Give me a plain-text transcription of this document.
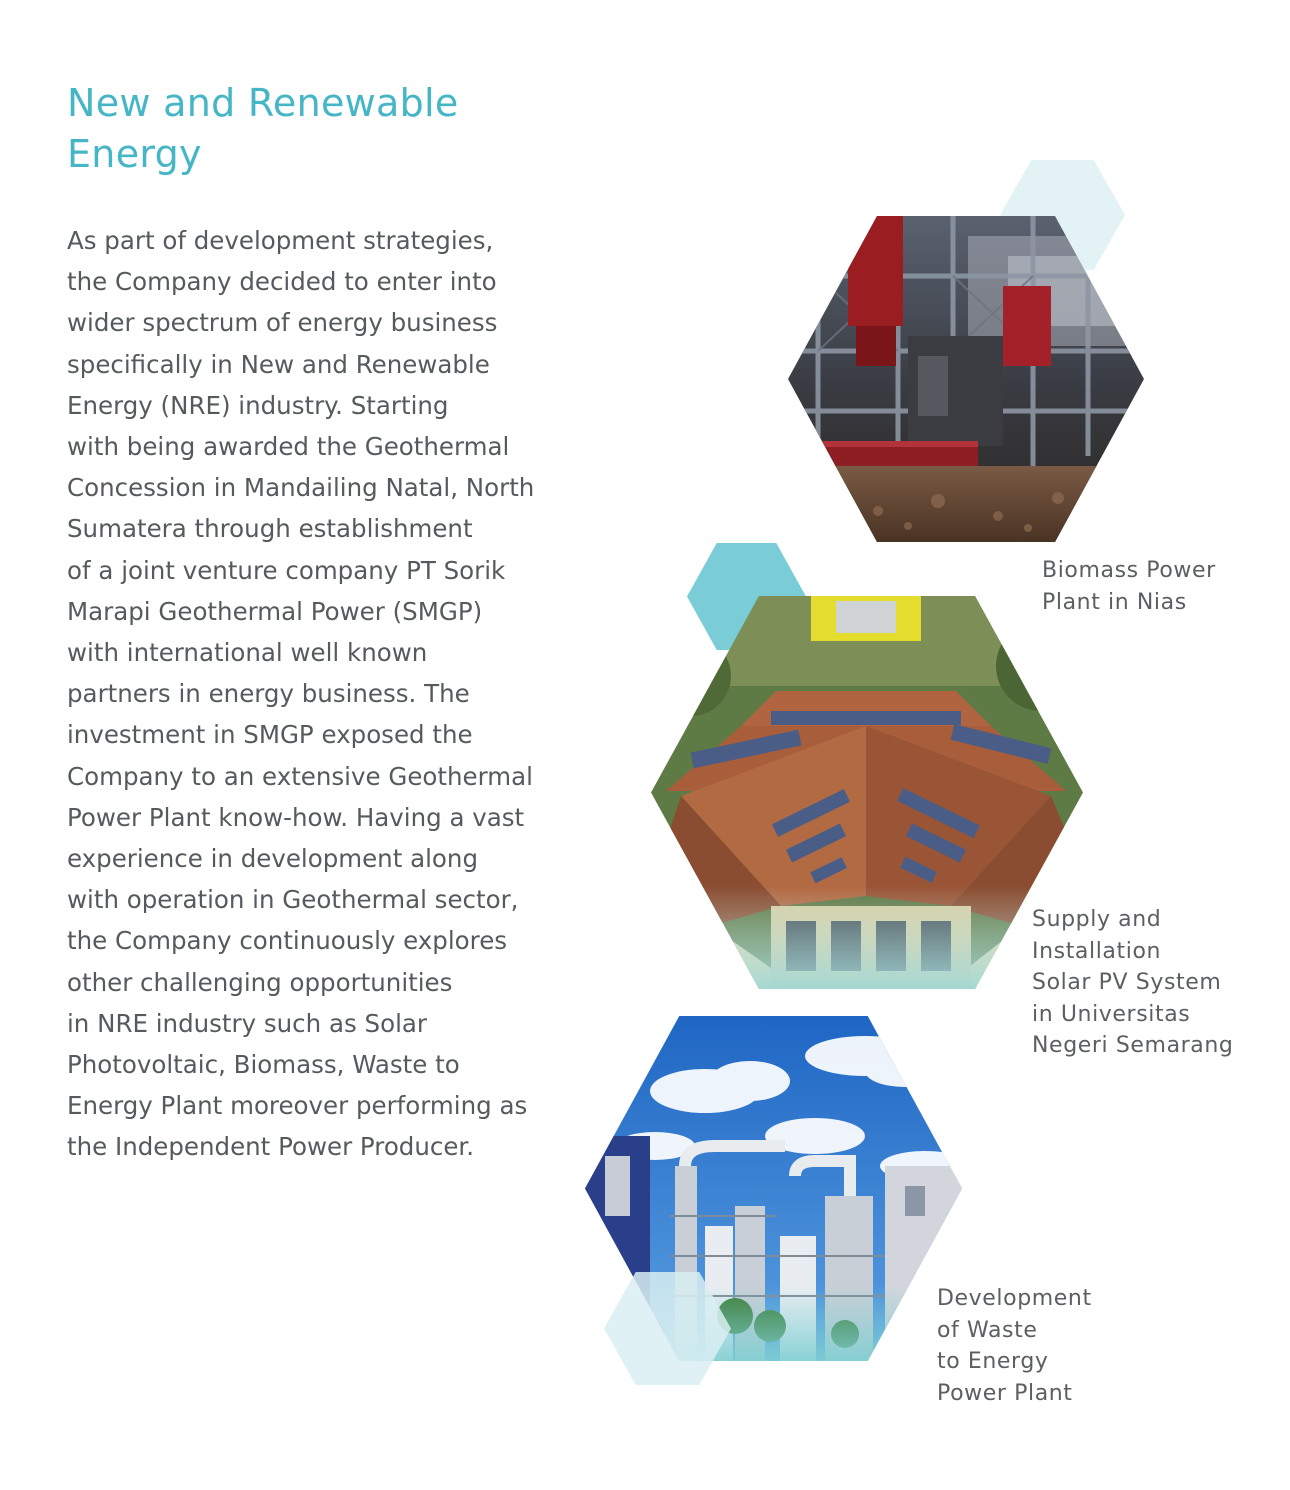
New and Renewable
Energy
As part of development strategies,
the Company decided to enter into
wider spectrum of energy business
specifically in New and Renewable
Energy (NRE) industry. Starting
with being awarded the Geothermal
Concession in Mandailing Natal, North
Sumatera through establishment
of a joint venture company PT Sorik
Marapi Geothermal Power (SMGP)
with international well known
partners in energy business. The
investment in SMGP exposed the
Company to an extensive Geothermal
Power Plant know-how. Having a vast
experience in development along
with operation in Geothermal sector,
the Company continuously explores
other challenging opportunities
in NRE industry such as Solar
Photovoltaic, Biomass, Waste to
Energy Plant moreover performing as
the Independent Power Producer.

Biomass Power
Plant in Nias

Supply and
Installation
Solar PV System
in Universitas
Negeri Semarang

Development
of Waste
to Energy
Power Plant
